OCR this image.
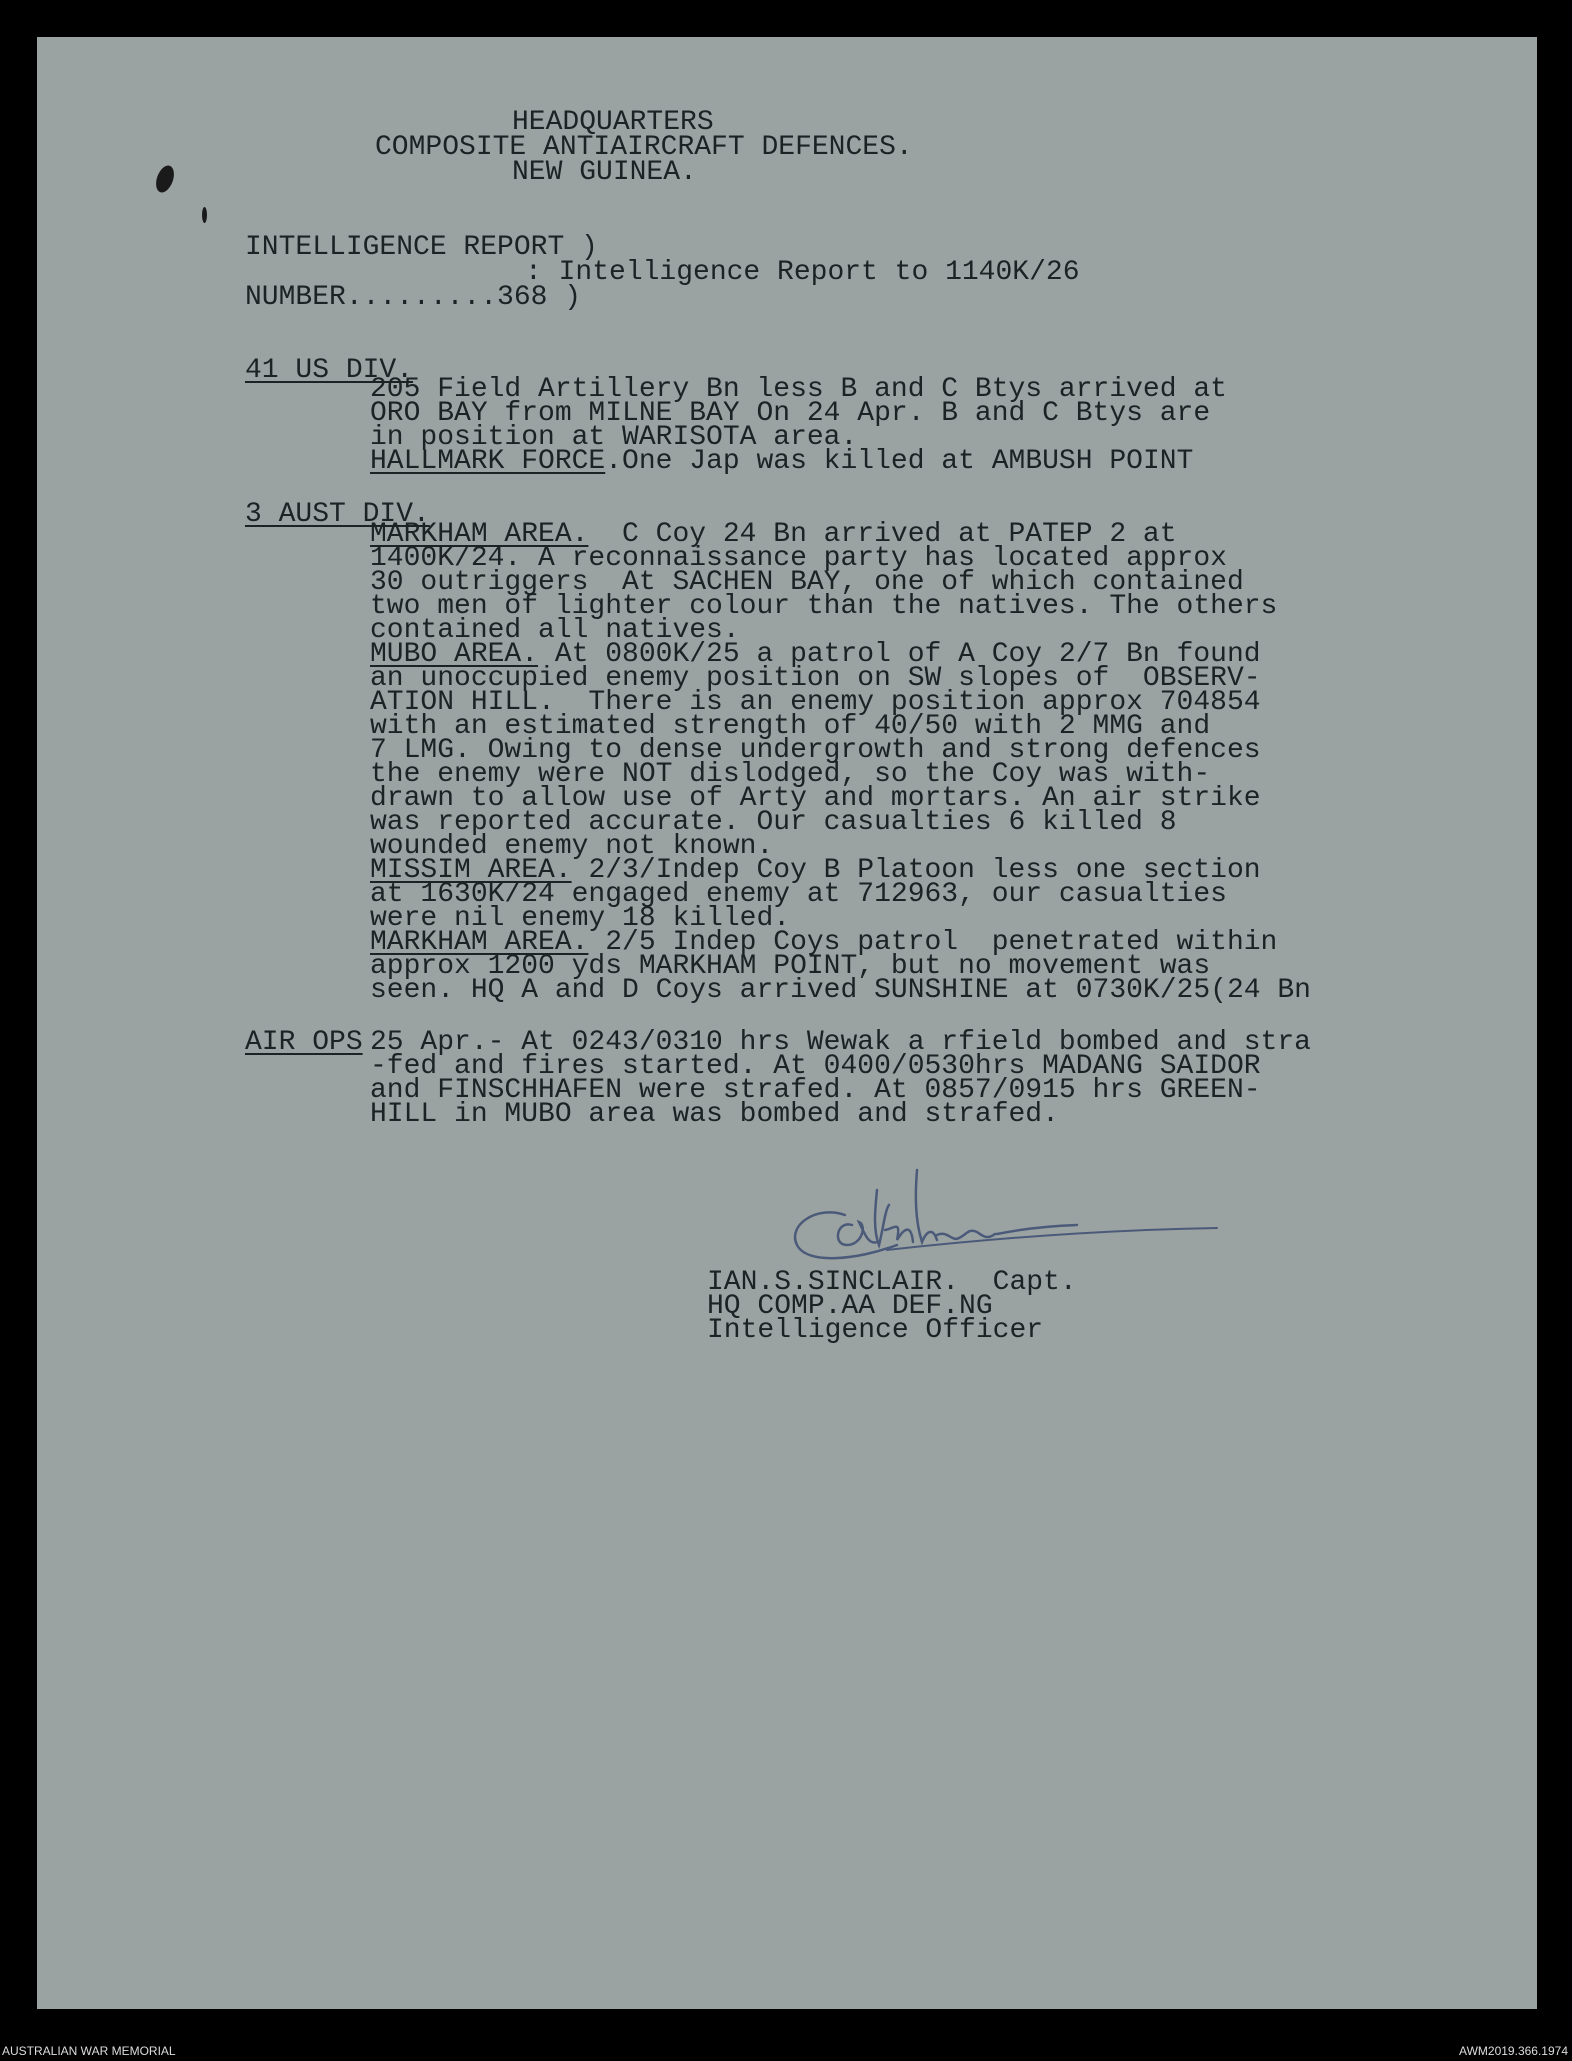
HEADQUARTERS
COMPOSITE ANTIAIRCRAFT DEFENCES.
NEW GUINEA.
INTELLIGENCE REPORT )
: Intelligence Report to 1140K/26
NUMBER.........368 )
41 US DIV.
205 Field Artillery Bn less B and C Btys arrived at
ORO BAY from MILNE BAY On 24 Apr. B and C Btys are
in position at WARISOTA area.
HALLMARK FORCE.One Jap was killed at AMBUSH POINT
3 AUST DIV.
MARKHAM AREA.  C Coy 24 Bn arrived at PATEP 2 at
1400K/24. A reconnaissance party has located approx
30 outriggers  At SACHEN BAY, one of which contained
two men of lighter colour than the natives. The others
contained all natives.
MUBO AREA. At 0800K/25 a patrol of A Coy 2/7 Bn found
an unoccupied enemy position on SW slopes of  OBSERV-
ATION HILL.  There is an enemy position approx 704854
with an estimated strength of 40/50 with 2 MMG and
7 LMG. Owing to dense undergrowth and strong defences
the enemy were NOT dislodged, so the Coy was with-
drawn to allow use of Arty and mortars. An air strike
was reported accurate. Our casualties 6 killed 8
wounded enemy not known.
MISSIM AREA. 2/3/Indep Coy B Platoon less one section
at 1630K/24 engaged enemy at 712963, our casualties
were nil enemy 18 killed.
MARKHAM AREA. 2/5 Indep Coys patrol  penetrated within
approx 1200 yds MARKHAM POINT, but no movement was
seen. HQ A and D Coys arrived SUNSHINE at 0730K/25(24 Bn
AIR OPS 25 Apr.- At 0243/0310 hrs Wewak a rfield bombed and stra
-fed and fires started. At 0400/0530hrs MADANG SAIDOR
and FINSCHHAFEN were strafed. At 0857/0915 hrs GREEN-
HILL in MUBO area was bombed and strafed.
IAN.S.SINCLAIR.  Capt.
HQ COMP.AA DEF.NG
Intelligence Officer
AUSTRALIAN WAR MEMORIAL	AWM2019.366.1974
